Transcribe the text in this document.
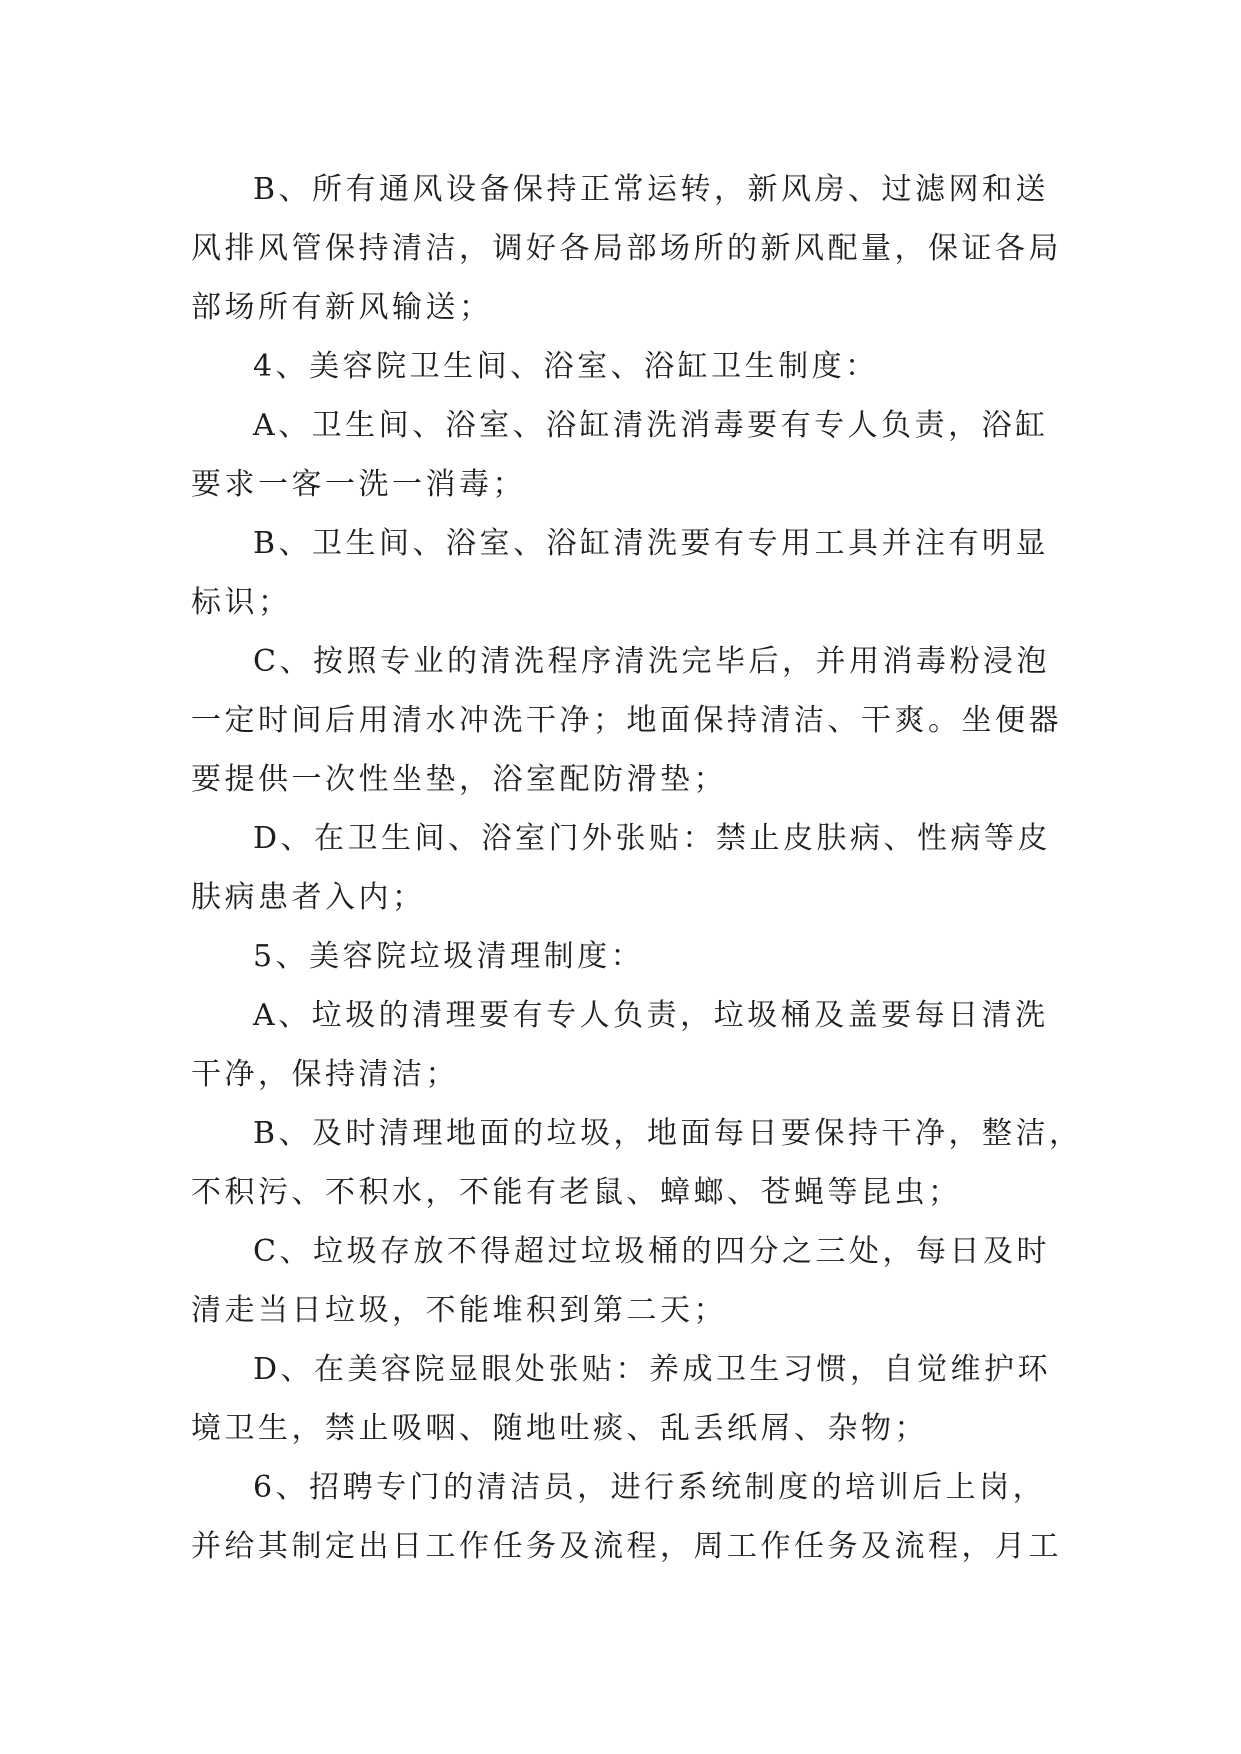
B、所有通风设备保持正常运转，新风房、过滤网和送
风排风管保持清洁，调好各局部场所的新风配量，保证各局
部场所有新风输送；

4、美容院卫生间、浴室、浴缸卫生制度：

A、卫生间、浴室、浴缸清洗消毒要有专人负责，浴缸
要求一客一洗一消毒；

B、卫生间、浴室、浴缸清洗要有专用工具并注有明显
标识；

C、按照专业的清洗程序清洗完毕后，并用消毒粉浸泡
一定时间后用清水冲洗干净；地面保持清洁、干爽。坐便器
要提供一次性坐垫，浴室配防滑垫；

D、在卫生间、浴室门外张贴：禁止皮肤病、性病等皮
肤病患者入内；

5、美容院垃圾清理制度：

A、垃圾的清理要有专人负责，垃圾桶及盖要每日清洗
干净，保持清洁；

B、及时清理地面的垃圾，地面每日要保持干净，整洁，
不积污、不积水，不能有老鼠、蟑螂、苍蝇等昆虫；

C、垃圾存放不得超过垃圾桶的四分之三处，每日及时
清走当日垃圾，不能堆积到第二天；

D、在美容院显眼处张贴：养成卫生习惯，自觉维护环
境卫生，禁止吸咽、随地吐痰、乱丢纸屑、杂物；

6、招聘专门的清洁员，进行系统制度的培训后上岗，
并给其制定出日工作任务及流程，周工作任务及流程，月工
